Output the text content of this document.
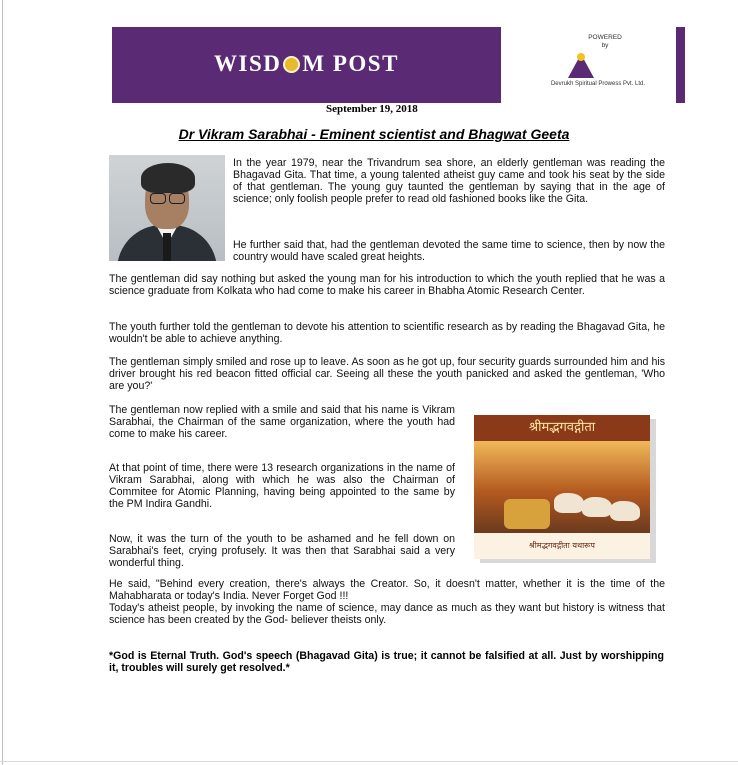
WISD M POST
POWERED
by
Devrukh Spiritual Prowess Pvt. Ltd.
September 19, 2018
Dr Vikram Sarabhai - Eminent scientist and Bhagwat Geeta

In the year 1979, near the Trivandrum sea shore, an elderly gentleman was reading the Bhagavad Gita. That time, a young talented atheist guy came and took his seat by the side of that gentleman. The young guy taunted the gentleman by saying that in the age of science; only foolish people prefer to read old fashioned books like the Gita.

He further said that, had the gentleman devoted the same time to science, then by now the country would have scaled great heights.

The gentleman did say nothing but asked the young man for his introduction to which the youth replied that he was a science graduate from Kolkata who had come to make his career in Bhabha Atomic Research Center.

The youth further told the gentleman to devote his attention to scientific research as by reading the Bhagavad Gita, he wouldn't be able to achieve anything.

The gentleman simply smiled and rose up to leave. As soon as he got up, four security guards surrounded him and his driver brought his red beacon fitted official car. Seeing all these the youth panicked and asked the gentleman, 'Who are you?'

श्रीमद्भगवद्गीता
श्रीमद्भगवद्गीता यथारूप

The gentleman now replied with a smile and said that his name is Vikram Sarabhai, the Chairman of the same organization, where the youth had come to make his career.

At that point of time, there were 13 research organizations in the name of Vikram Sarabhai, along with which he was also the Chairman of Commitee for Atomic Planning, having being appointed to the same by the PM Indira Gandhi.

Now, it was the turn of the youth to be ashamed and he fell down on Sarabhai's feet, crying profusely. It was then that Sarabhai said a very wonderful thing.

He said, "Behind every creation, there's always the Creator. So, it doesn't matter, whether it is the time of the Mahabharata or today's India. Never Forget God !!!

Today's atheist people, by invoking the name of science, may dance as much as they want but history is witness that science has been created by the God- believer theists only.

*God is Eternal Truth. God's speech (Bhagavad Gita) is true; it cannot be falsified at all. Just by worshipping it, troubles will surely get resolved.*
